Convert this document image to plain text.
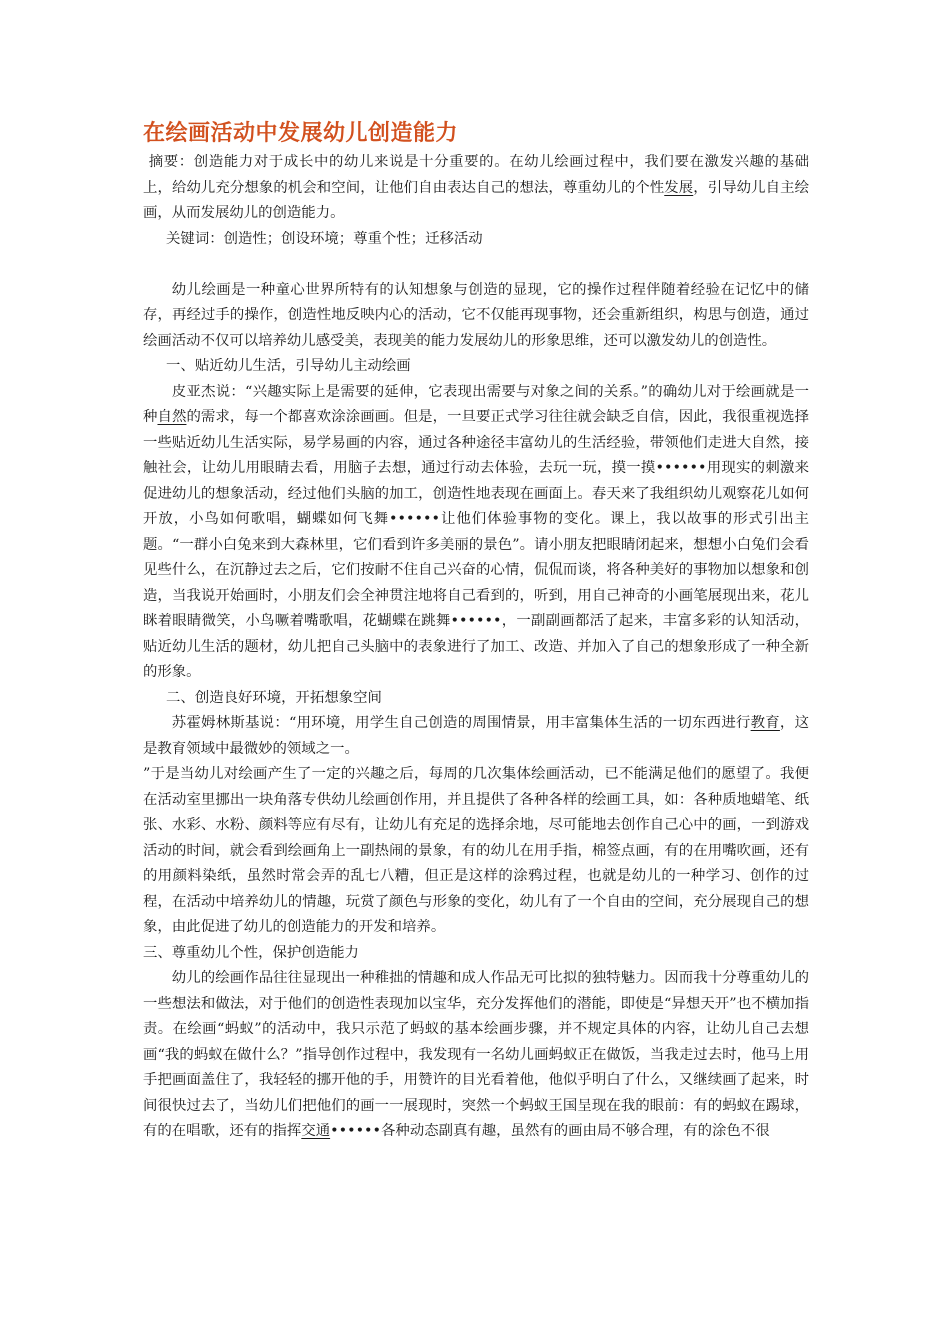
在绘画活动中发展幼儿创造能力

摘要：创造能力对于成长中的幼儿来说是十分重要的。在幼儿绘画过程中，我们要在激发兴趣的基础上，给幼儿充分想象的机会和空间，让他们自由表达自己的想法，尊重幼儿的个性发展，引导幼儿自主绘画，从而发展幼儿的创造能力。

关键词：创造性；创设环境；尊重个性；迁移活动

幼儿绘画是一种童心世界所特有的认知想象与创造的显现，它的操作过程伴随着经验在记忆中的储存，再经过手的操作，创造性地反映内心的活动，它不仅能再现事物，还会重新组织，构思与创造，通过绘画活动不仅可以培养幼儿感受美，表现美的能力发展幼儿的形象思维，还可以激发幼儿的创造性。

一、贴近幼儿生活，引导幼儿主动绘画

皮亚杰说：“兴趣实际上是需要的延伸，它表现出需要与对象之间的关系。”的确幼儿对于绘画就是一种自然的需求，每一个都喜欢涂涂画画。但是，一旦要正式学习往往就会缺乏自信，因此，我很重视选择一些贴近幼儿生活实际，易学易画的内容，通过各种途径丰富幼儿的生活经验，带领他们走进大自然，接触社会，让幼儿用眼睛去看，用脑子去想，通过行动去体验，去玩一玩，摸一摸••••••用现实的刺激来促进幼儿的想象活动，经过他们头脑的加工，创造性地表现在画面上。春天来了我组织幼儿观察花儿如何开放，小鸟如何歌唱，蝴蝶如何飞舞••••••让他们体验事物的变化。课上，我以故事的形式引出主题。“一群小白兔来到大森林里，它们看到许多美丽的景色”。请小朋友把眼睛闭起来，想想小白兔们会看见些什么，在沉静过去之后，它们按耐不住自己兴奋的心情，侃侃而谈，将各种美好的事物加以想象和创造，当我说开始画时，小朋友们会全神贯注地将自己看到的，听到，用自己神奇的小画笔展现出来，花儿眯着眼睛微笑，小鸟噘着嘴歌唱，花蝴蝶在跳舞••••••，一副副画都活了起来，丰富多彩的认知活动，贴近幼儿生活的题材，幼儿把自己头脑中的表象进行了加工、改造、并加入了自己的想象形成了一种全新的形象。

二、创造良好环境，开拓想象空间

苏霍姆林斯基说：“用环境，用学生自己创造的周围情景，用丰富集体生活的一切东西进行教育，这是教育领域中最微妙的领域之一。

”于是当幼儿对绘画产生了一定的兴趣之后，每周的几次集体绘画活动，已不能满足他们的愿望了。我便在活动室里挪出一块角落专供幼儿绘画创作用，并且提供了各种各样的绘画工具，如：各种质地蜡笔、纸张、水彩、水粉、颜料等应有尽有，让幼儿有充足的选择余地，尽可能地去创作自己心中的画，一到游戏活动的时间，就会看到绘画角上一副热闹的景象，有的幼儿在用手指，棉签点画，有的在用嘴吹画，还有的用颜料染纸，虽然时常会弄的乱七八糟，但正是这样的涂鸦过程，也就是幼儿的一种学习、创作的过程，在活动中培养幼儿的情趣，玩赏了颜色与形象的变化，幼儿有了一个自由的空间，充分展现自己的想象，由此促进了幼儿的创造能力的开发和培养。

三、尊重幼儿个性，保护创造能力

幼儿的绘画作品往往显现出一种稚拙的情趣和成人作品无可比拟的独特魅力。因而我十分尊重幼儿的一些想法和做法，对于他们的创造性表现加以宝华，充分发挥他们的潜能，即使是“异想天开”也不横加指责。在绘画“蚂蚁”的活动中，我只示范了蚂蚁的基本绘画步骤，并不规定具体的内容，让幼儿自己去想画“我的蚂蚁在做什么？”指导创作过程中，我发现有一名幼儿画蚂蚁正在做饭，当我走过去时，他马上用手把画面盖住了，我轻轻的挪开他的手，用赞许的目光看着他，他似乎明白了什么，又继续画了起来，时间很快过去了，当幼儿们把他们的画一一展现时，突然一个蚂蚁王国呈现在我的眼前：有的蚂蚁在踢球，有的在唱歌，还有的指挥交通••••••各种动态副真有趣，虽然有的画由局不够合理，有的涂色不很
